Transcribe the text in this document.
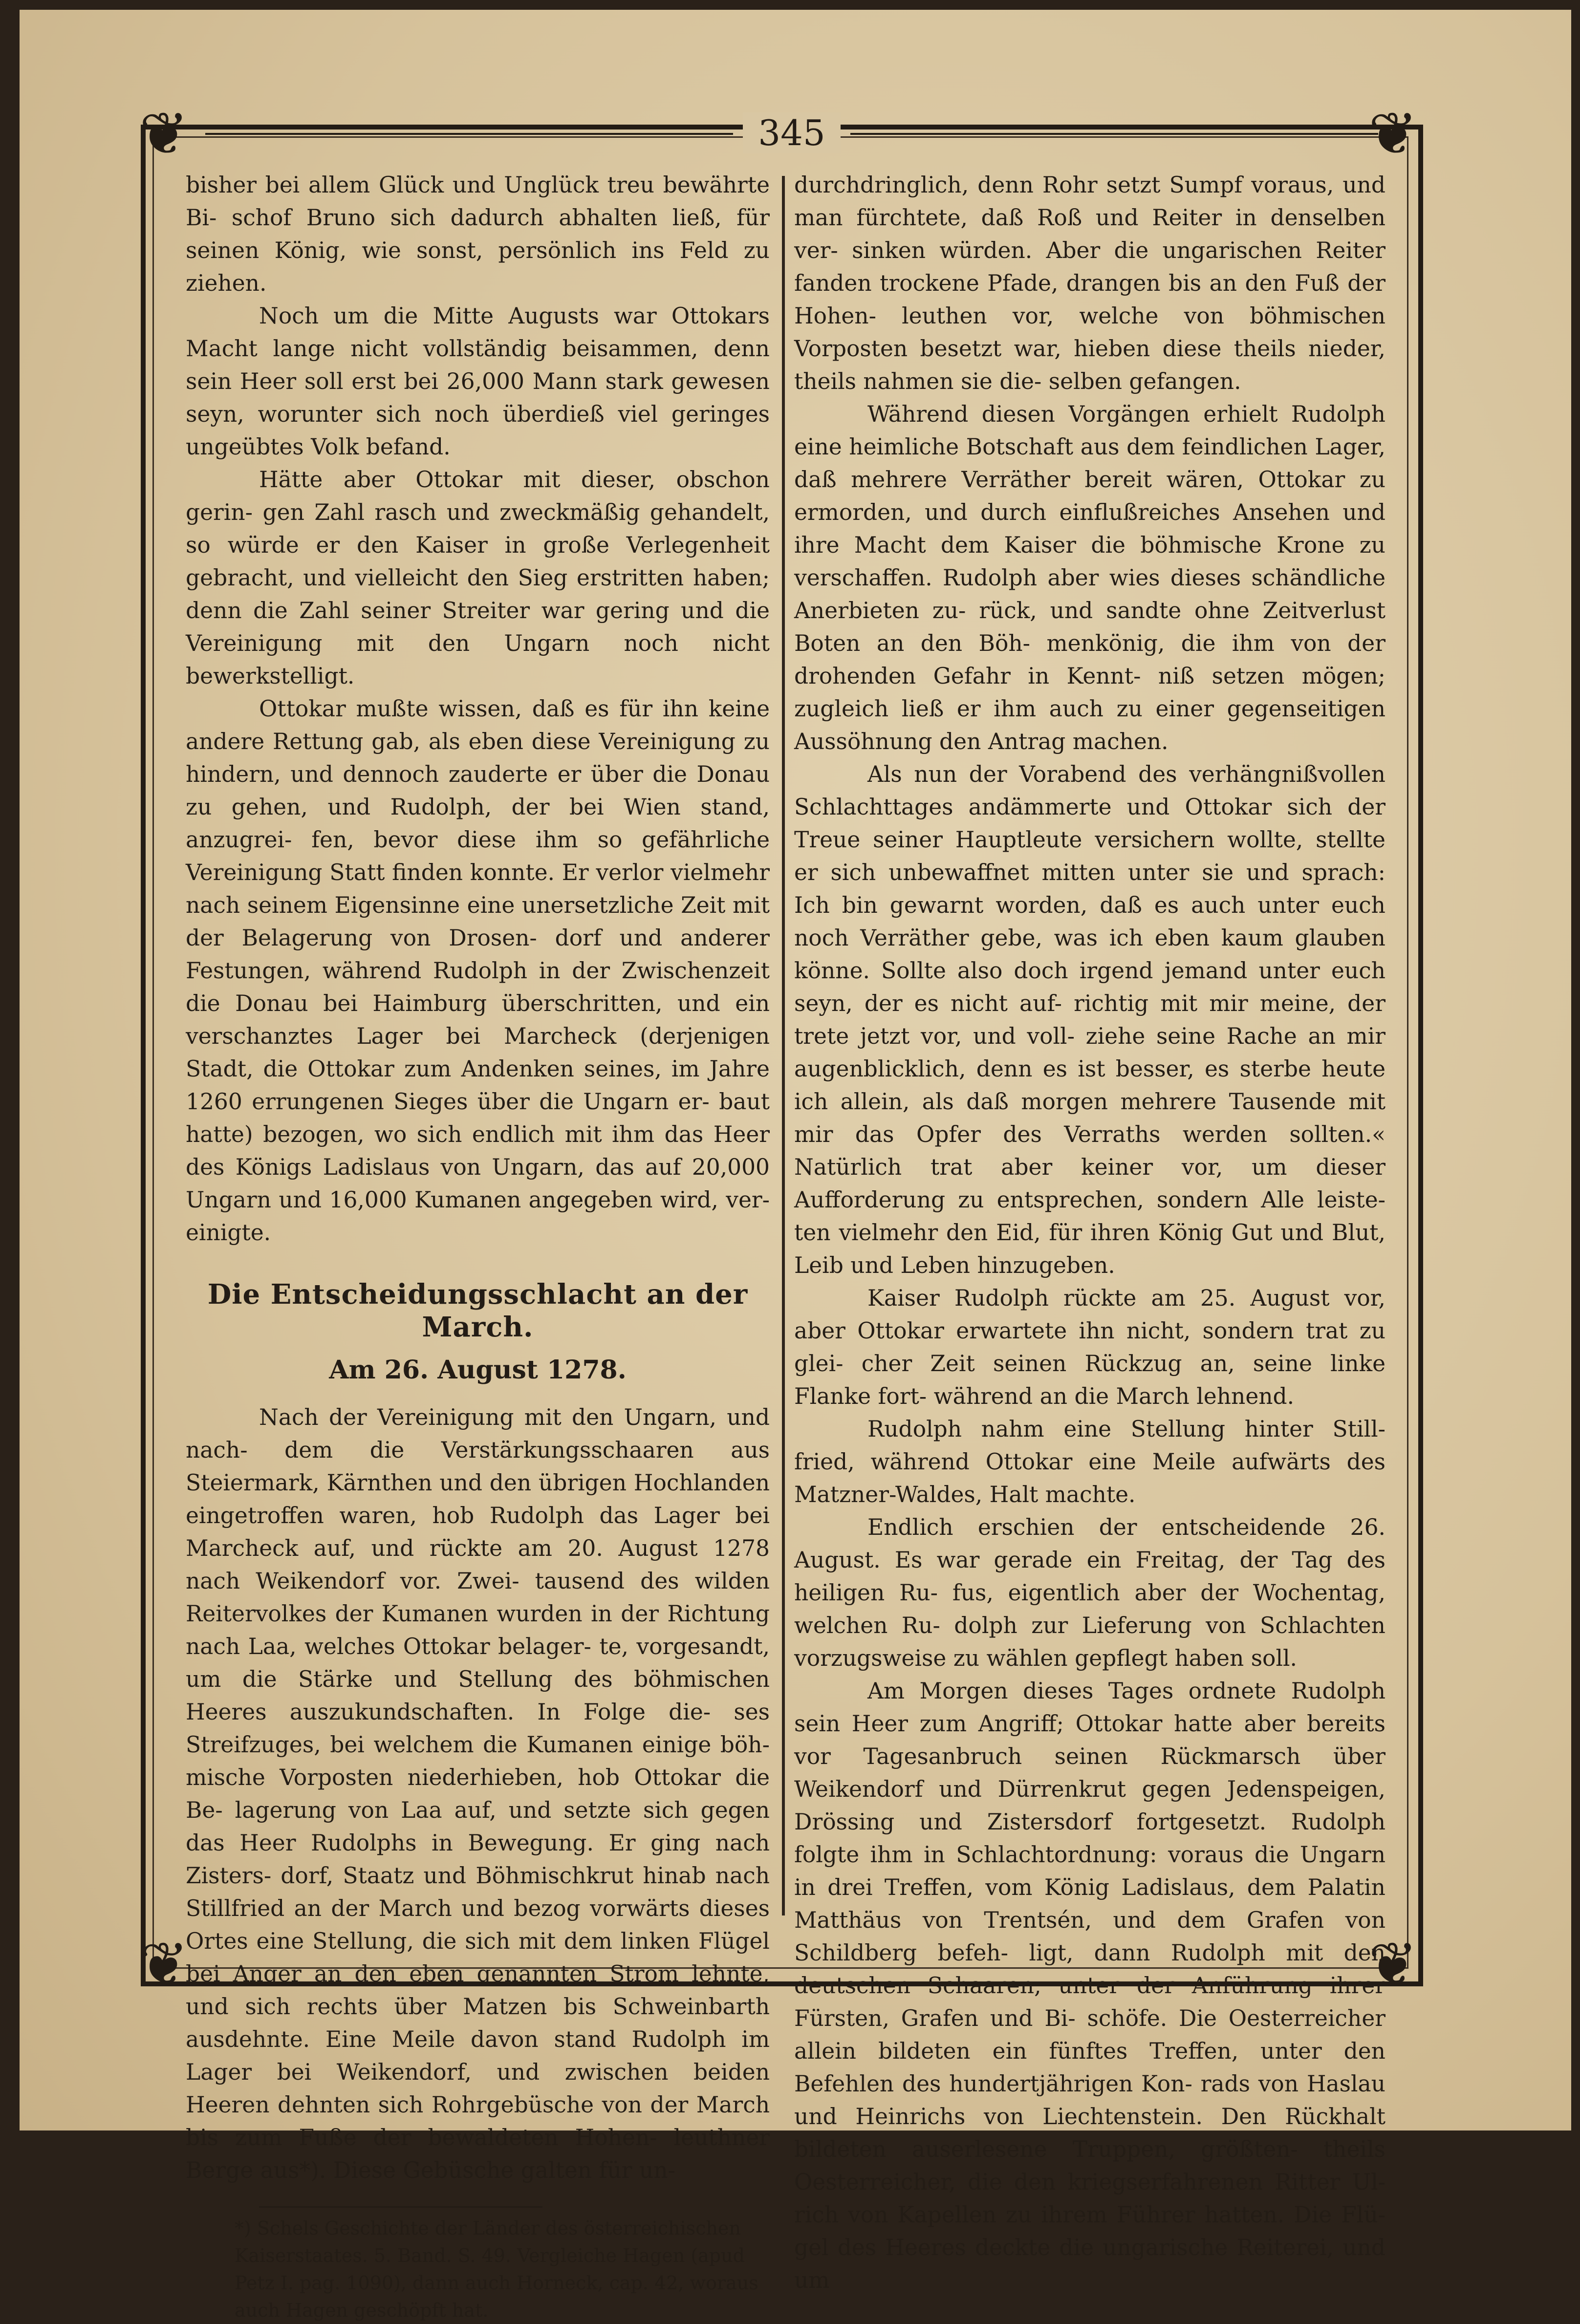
345
❦	❦
❦	❦

bisher bei allem Glück und Unglück treu bewährte Bi- schof Bruno sich dadurch abhalten ließ, für seinen König, wie sonst, persönlich ins Feld zu ziehen.

Noch um die Mitte Augusts war Ottokars Macht lange nicht vollständig beisammen, denn sein Heer soll erst bei 26,000 Mann stark gewesen seyn, worunter sich noch überdieß viel geringes ungeübtes Volk befand.

Hätte aber Ottokar mit dieser, obschon gerin- gen Zahl rasch und zweckmäßig gehandelt, so würde er den Kaiser in große Verlegenheit gebracht, und vielleicht den Sieg erstritten haben; denn die Zahl seiner Streiter war gering und die Vereinigung mit den Ungarn noch nicht bewerkstelligt.

Ottokar mußte wissen, daß es für ihn keine andere Rettung gab, als eben diese Vereinigung zu hindern, und dennoch zauderte er über die Donau zu gehen, und Rudolph, der bei Wien stand, anzugrei- fen, bevor diese ihm so gefährliche Vereinigung Statt finden konnte. Er verlor vielmehr nach seinem Eigensinne eine unersetzliche Zeit mit der Belagerung von Drosen- dorf und anderer Festungen, während Rudolph in der Zwischenzeit die Donau bei Haimburg überschritten, und ein verschanztes Lager bei Marcheck (derjenigen Stadt, die Ottokar zum Andenken seines, im Jahre 1260 errungenen Sieges über die Ungarn er- baut hatte) bezogen, wo sich endlich mit ihm das Heer des Königs Ladislaus von Ungarn, das auf 20,000 Ungarn und 16,000 Kumanen angegeben wird, ver- einigte.

Die Entscheidungsschlacht an der March.
Am 26. August 1278.

Nach der Vereinigung mit den Ungarn, und nach- dem die Verstärkungsschaaren aus Steiermark, Kärnthen und den übrigen Hochlanden eingetroffen waren, hob Rudolph das Lager bei Marcheck auf, und rückte am 20. August 1278 nach Weikendorf vor. Zwei- tausend des wilden Reitervolkes der Kumanen wurden in der Richtung nach Laa, welches Ottokar belager- te, vorgesandt, um die Stärke und Stellung des böhmischen Heeres auszukundschaften. In Folge die- ses Streifzuges, bei welchem die Kumanen einige böh- mische Vorposten niederhieben, hob Ottokar die Be- lagerung von Laa auf, und setzte sich gegen das Heer Rudolphs in Bewegung. Er ging nach Zisters- dorf, Staatz und Böhmischkrut hinab nach Stillfried an der March und bezog vorwärts dieses Ortes eine Stellung, die sich mit dem linken Flügel bei Anger an den eben genannten Strom lehnte, und sich rechts über Matzen bis Schweinbarth ausdehnte. Eine Meile davon stand Rudolph im Lager bei Weikendorf, und zwischen beiden Heeren dehnten sich Rohrgebüsche von der March bis zum Fuße der bewaldeten Hohen- leuthner Berge aus*). Diese Gebüsche galten für un-

*) Schels Geschichte der Länder des österreichischen Kaiserstaates. 5. Band. S. 49. Vergleiche Hagen (apud Petz I. pag. 1090), dann auch Horneck, cap. 42, woraus auch Hagen geschöpft hat.

durchdringlich, denn Rohr setzt Sumpf voraus, und man fürchtete, daß Roß und Reiter in denselben ver- sinken würden. Aber die ungarischen Reiter fanden trockene Pfade, drangen bis an den Fuß der Hohen- leuthen vor, welche von böhmischen Vorposten besetzt war, hieben diese theils nieder, theils nahmen sie die- selben gefangen.

Während diesen Vorgängen erhielt Rudolph eine heimliche Botschaft aus dem feindlichen Lager, daß mehrere Verräther bereit wären, Ottokar zu ermorden, und durch einflußreiches Ansehen und ihre Macht dem Kaiser die böhmische Krone zu verschaffen. Rudolph aber wies dieses schändliche Anerbieten zu- rück, und sandte ohne Zeitverlust Boten an den Böh- menkönig, die ihm von der drohenden Gefahr in Kennt- niß setzen mögen; zugleich ließ er ihm auch zu einer gegenseitigen Aussöhnung den Antrag machen.

Als nun der Vorabend des verhängnißvollen Schlachttages andämmerte und Ottokar sich der Treue seiner Hauptleute versichern wollte, stellte er sich unbewaffnet mitten unter sie und sprach: Ich bin gewarnt worden, daß es auch unter euch noch Verräther gebe, was ich eben kaum glauben könne. Sollte also doch irgend jemand unter euch seyn, der es nicht auf- richtig mit mir meine, der trete jetzt vor, und voll- ziehe seine Rache an mir augenblicklich, denn es ist besser, es sterbe heute ich allein, als daß morgen mehrere Tausende mit mir das Opfer des Verraths werden sollten.« Natürlich trat aber keiner vor, um dieser Aufforderung zu entsprechen, sondern Alle leiste- ten vielmehr den Eid, für ihren König Gut und Blut, Leib und Leben hinzugeben.

Kaiser Rudolph rückte am 25. August vor, aber Ottokar erwartete ihn nicht, sondern trat zu glei- cher Zeit seinen Rückzug an, seine linke Flanke fort- während an die March lehnend.

Rudolph nahm eine Stellung hinter Still- fried, während Ottokar eine Meile aufwärts des Matzner-Waldes, Halt machte.

Endlich erschien der entscheidende 26. August. Es war gerade ein Freitag, der Tag des heiligen Ru- fus, eigentlich aber der Wochentag, welchen Ru- dolph zur Lieferung von Schlachten vorzugsweise zu wählen gepflegt haben soll.

Am Morgen dieses Tages ordnete Rudolph sein Heer zum Angriff; Ottokar hatte aber bereits vor Tagesanbruch seinen Rückmarsch über Weikendorf und Dürrenkrut gegen Jedenspeigen, Drössing und Zistersdorf fortgesetzt. Rudolph folgte ihm in Schlachtordnung: voraus die Ungarn in drei Treffen, vom König Ladislaus, dem Palatin Matthäus von Trentsén, und dem Grafen von Schildberg befeh- ligt, dann Rudolph mit den deutschen Schaaren, unter der Anführung ihrer Fürsten, Grafen und Bi- schöfe. Die Oesterreicher allein bildeten ein fünftes Treffen, unter den Befehlen des hundertjährigen Kon- rads von Haslau und Heinrichs von Liechtenstein. Den Rückhalt bildeten auserlesene Truppen, größten- theils Oesterreicher, die den kriegserfahrenen Ritter Ul- rich von Kapellen zu ihrem Führer hatten. Die Flü- gel des Heeres deckte die ungarische Reiterei, und um
